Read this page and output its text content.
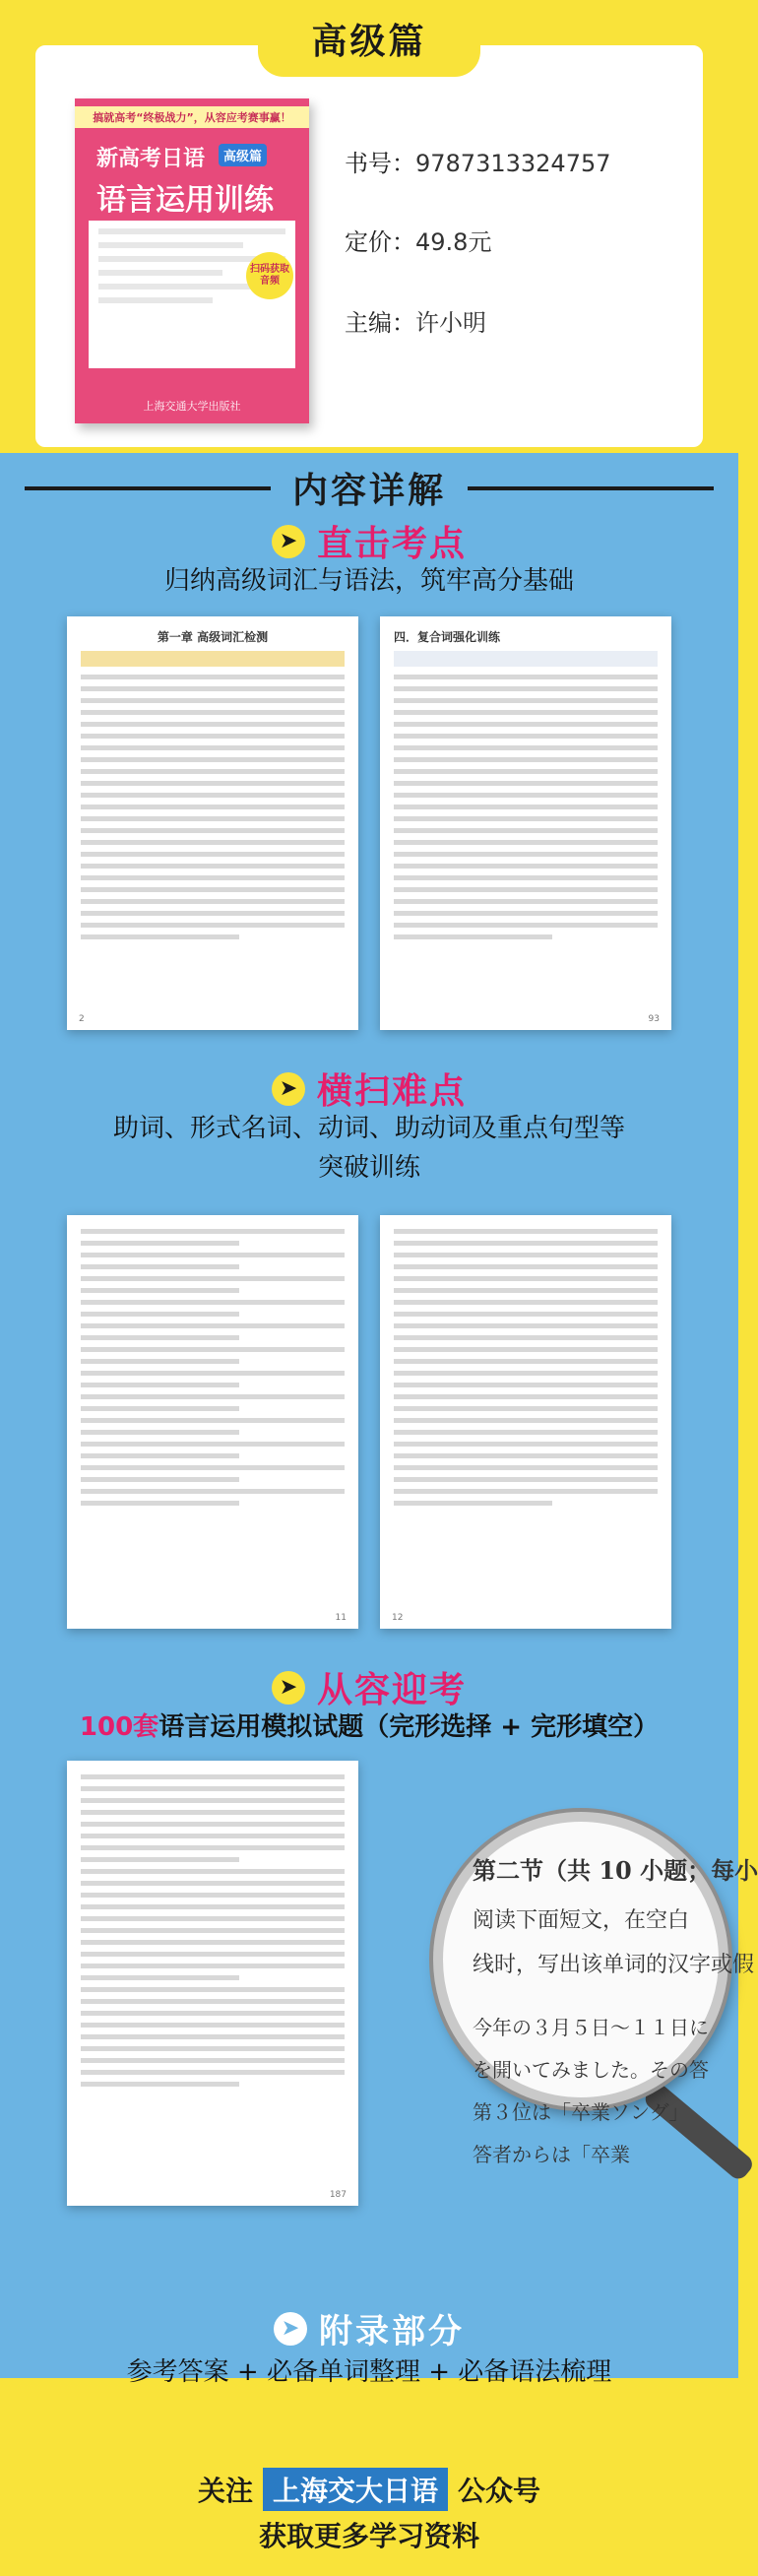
搞就高考“终极战力”，从容应考赛事赢！
新高考日语	高级篇
语言运用训练
扫码获取音频
上海交通大学出版社
书号：9787313324757
定价：49.8元
主编：许小明
高级篇
内容详解
➤ 直击考点
归纳高级词汇与语法，筑牢高分基础
第一章 高级词汇检测
2
四．复合词强化训练
93
➤ 横扫难点
助词、形式名词、动词、助动词及重点句型等
突破训练
11	12
➤ 从容迎考
100套语言运用模拟试题（完形选择 + 完形填空）
187
第二节（共 10 小题；每小
阅读下面短文，在空白
线时，写出该单词的汉字或假
今年の３月５日～１１日に
を開いてみました。その答
第３位は「卒業ソング」
答者からは「卒業
➤ 附录部分
参考答案 + 必备单词整理 + 必备语法梳理
关注 上海交大日语 公众号
获取更多学习资料
